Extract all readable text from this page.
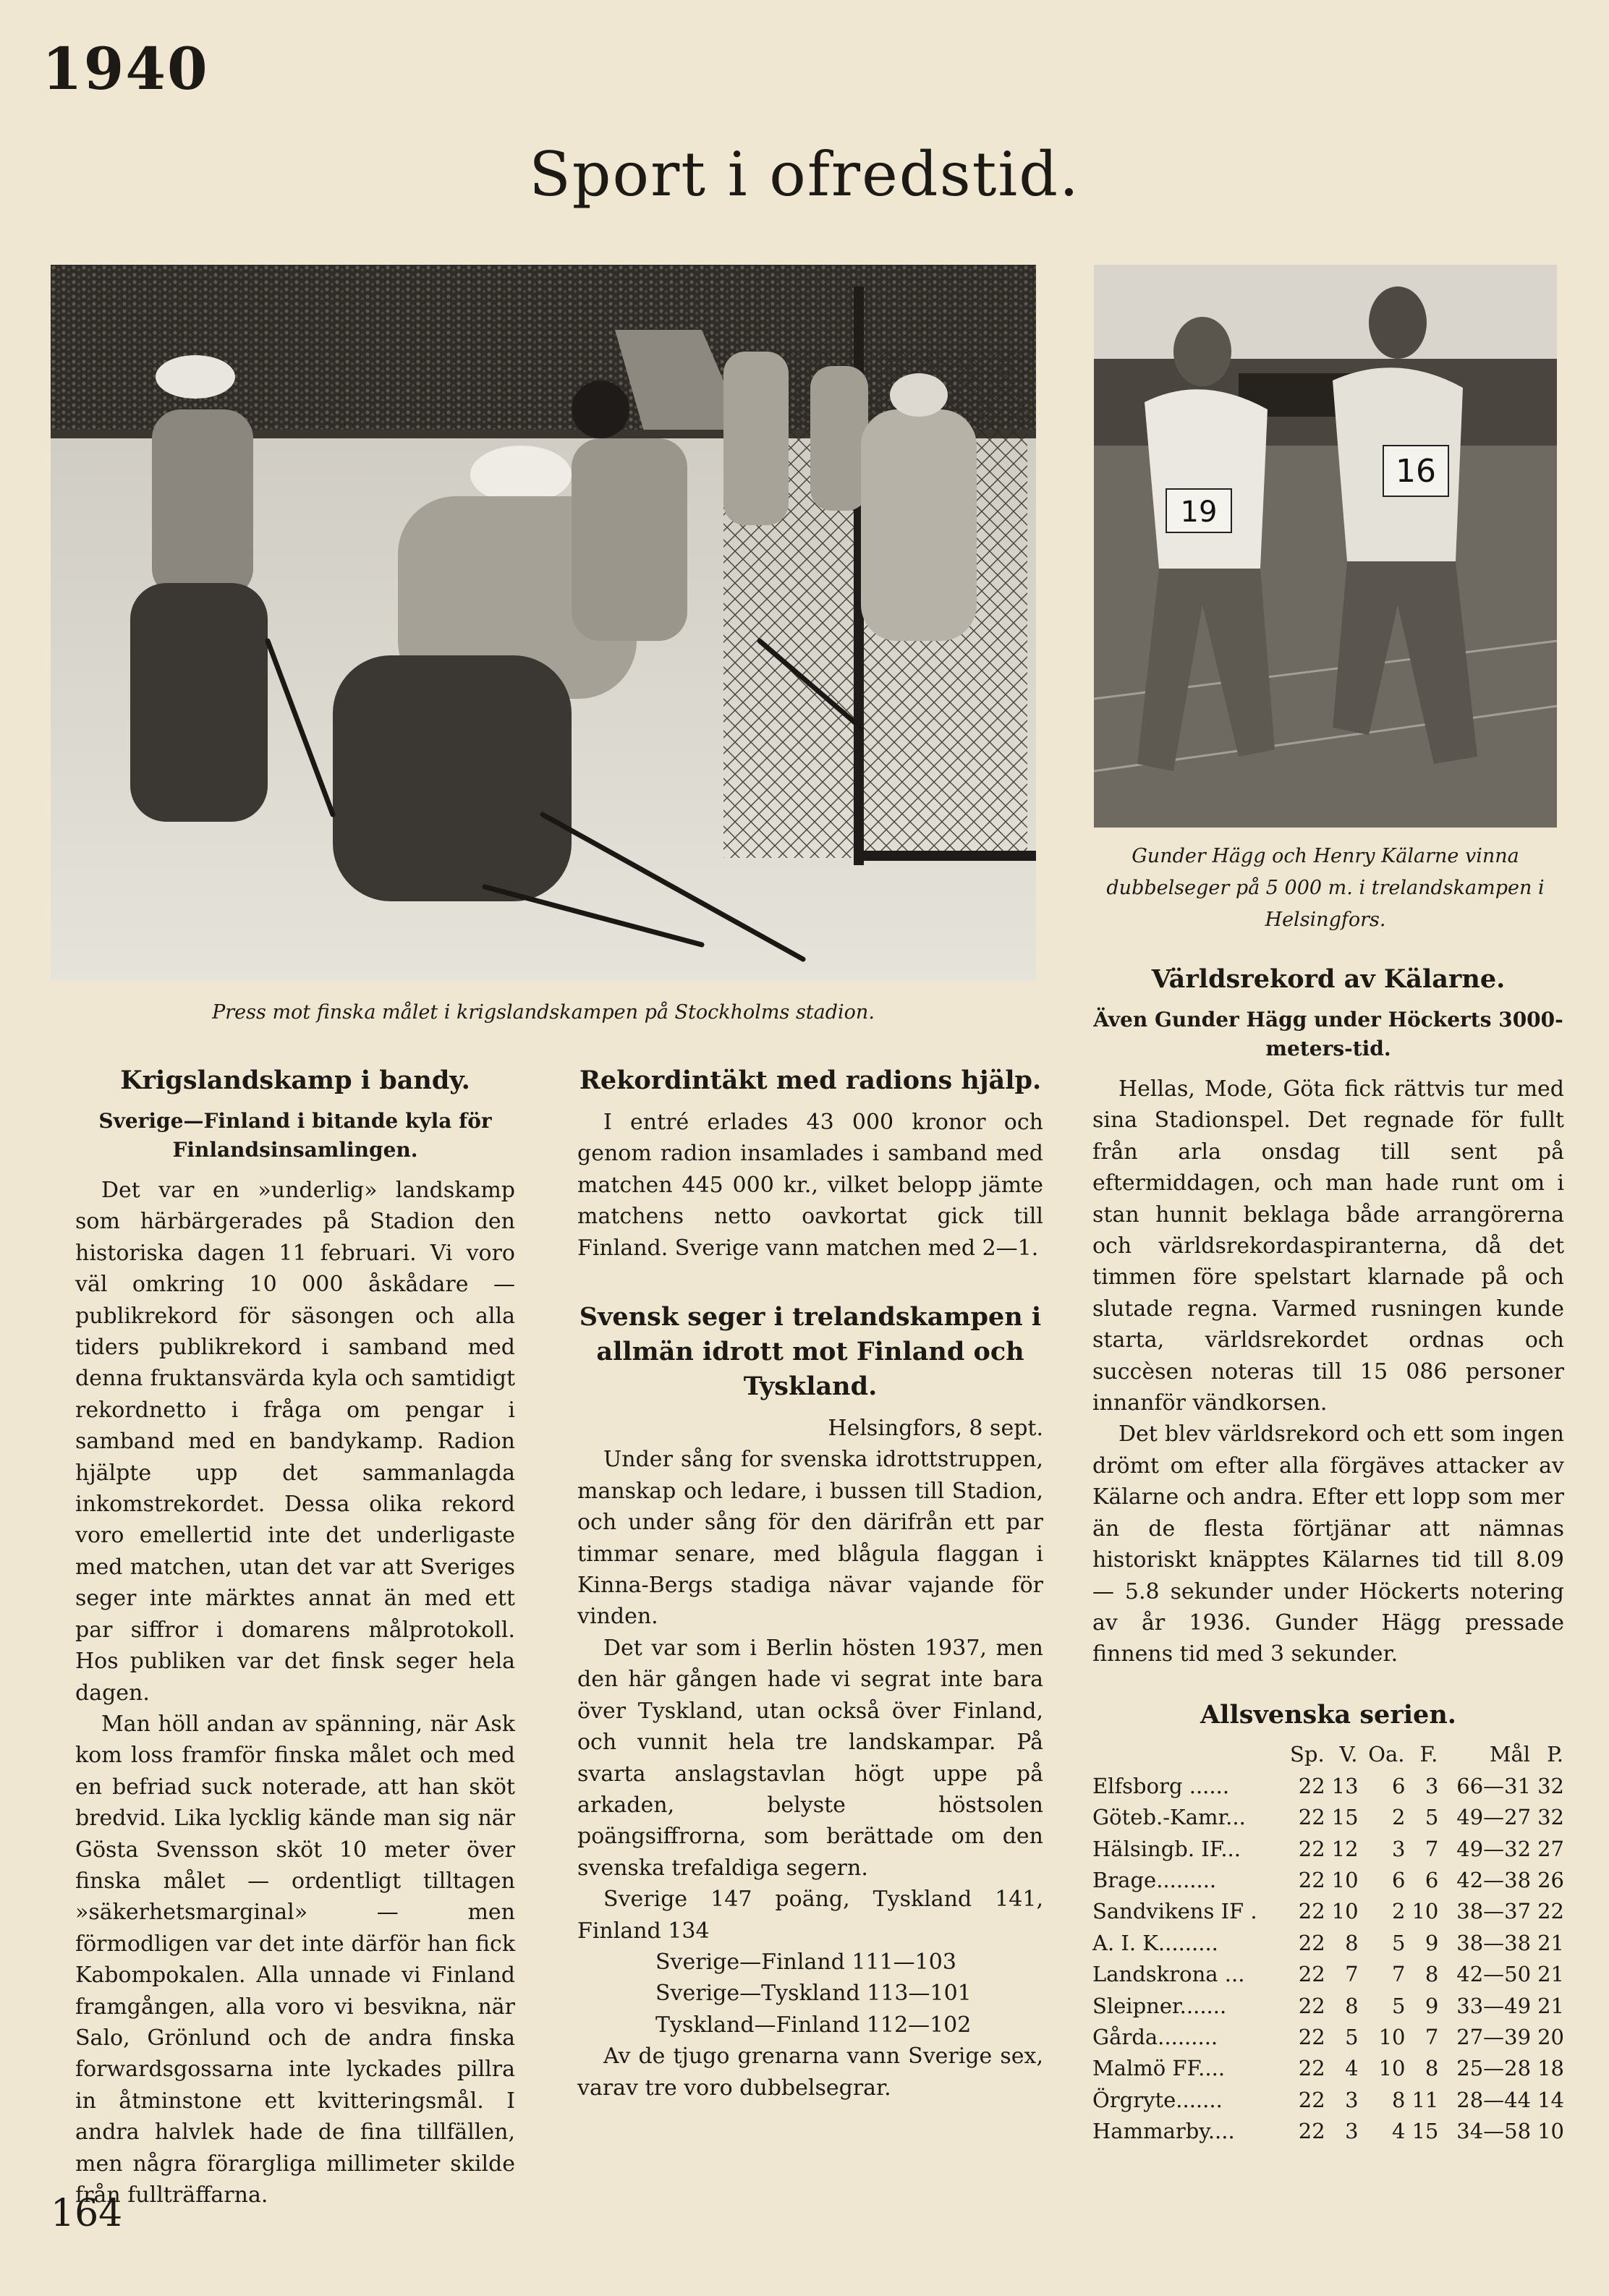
1940
Sport i ofredstid.

Press mot finska målet i krigslandskampen på Stockholms stadion.

19
16

Gunder Hägg och Henry Kälarne vinna dubbelseger på 5 000 m. i trelandskampen i Helsingfors.

Krigslandskamp i bandy.
Sverige—Finland i bitande kyla för Finlandsinsamlingen.

Det var en »underlig» landskamp som härbärgerades på Stadion den historiska dagen 11 februari. Vi voro väl omkring 10 000 åskådare — publikrekord för säsongen och alla tiders publikrekord i samband med denna fruktansvärda kyla och samtidigt rekordnetto i fråga om pengar i samband med en bandykamp. Radion hjälpte upp det sammanlagda inkomstrekordet. Dessa olika rekord voro emellertid inte det underligaste med matchen, utan det var att Sveriges seger inte märktes annat än med ett par siffror i domarens målprotokoll. Hos publiken var det finsk seger hela dagen.

Man höll andan av spänning, när Ask kom loss framför finska målet och med en befriad suck noterade, att han sköt bredvid. Lika lycklig kände man sig när Gösta Svensson sköt 10 meter över finska målet — ordentligt tilltagen »säkerhetsmarginal» — men förmodligen var det inte därför han fick Kabompokalen. Alla unnade vi Finland framgången, alla voro vi besvikna, när Salo, Grönlund och de andra finska forwardsgossarna inte lyckades pillra in åtminstone ett kvitteringsmål. I andra halvlek hade de fina tillfällen, men några förargliga millimeter skilde från fullträffarna.

Rekordintäkt med radions hjälp.

I entré erlades 43 000 kronor och genom radion insamlades i samband med matchen 445 000 kr., vilket belopp jämte matchens netto oavkortat gick till Finland. Sverige vann matchen med 2—1.

Svensk seger i trelandskampen i allmän idrott mot Finland och Tyskland.

Helsingfors, 8 sept.

Under sång for svenska idrottstruppen, manskap och ledare, i bussen till Stadion, och under sång för den därifrån ett par timmar senare, med blågula flaggan i Kinna-Bergs stadiga nävar vajande för vinden.

Det var som i Berlin hösten 1937, men den här gången hade vi segrat inte bara över Tyskland, utan också över Finland, och vunnit hela tre landskampar. På svarta anslagstavlan högt uppe på arkaden, belyste höstsolen poängsiffrorna, som berättade om den svenska trefaldiga segern.

Sverige 147 poäng, Tyskland 141, Finland 134

Sverige—Finland 111—103

Sverige—Tyskland 113—101

Tyskland—Finland 112—102

Av de tjugo grenarna vann Sverige sex, varav tre voro dubbelsegrar.

Världsrekord av Kälarne.
Även Gunder Hägg under Höckerts 3000-meters-tid.

Hellas, Mode, Göta fick rättvis tur med sina Stadionspel. Det regnade för fullt från arla onsdag till sent på eftermiddagen, och man hade runt om i stan hunnit beklaga både arrangörerna och världsrekordaspiranterna, då det timmen före spelstart klarnade på och slutade regna. Varmed rusningen kunde starta, världsrekordet ordnas och succèsen noteras till 15 086 personer innanför vändkorsen.

Det blev världsrekord och ett som ingen drömt om efter alla förgäves attacker av Kälarne och andra. Efter ett lopp som mer än de flesta förtjänar att nämnas historiskt knäpptes Kälarnes tid till 8.09 — 5.8 sekunder under Höckerts notering av år 1936. Gunder Hägg pressade finnens tid med 3 sekunder.

Allsvenska serien.
	Sp.	V.	Oa.	F.	Mål	P.
Elfsborg ......	22	13	6	3	66—31	32
Göteb.-Kamr...	22	15	2	5	49—27	32
Hälsingb. IF...	22	12	3	7	49—32	27
Brage.........	22	10	6	6	42—38	26
Sandvikens IF .	22	10	2	10	38—37	22
A. I. K.........	22	8	5	9	38—38	21
Landskrona ...	22	7	7	8	42—50	21
Sleipner.......	22	8	5	9	33—49	21
Gårda.........	22	5	10	7	27—39	20
Malmö FF....	22	4	10	8	25—28	18
Örgryte.......	22	3	8	11	28—44	14
Hammarby....	22	3	4	15	34—58	10

164
